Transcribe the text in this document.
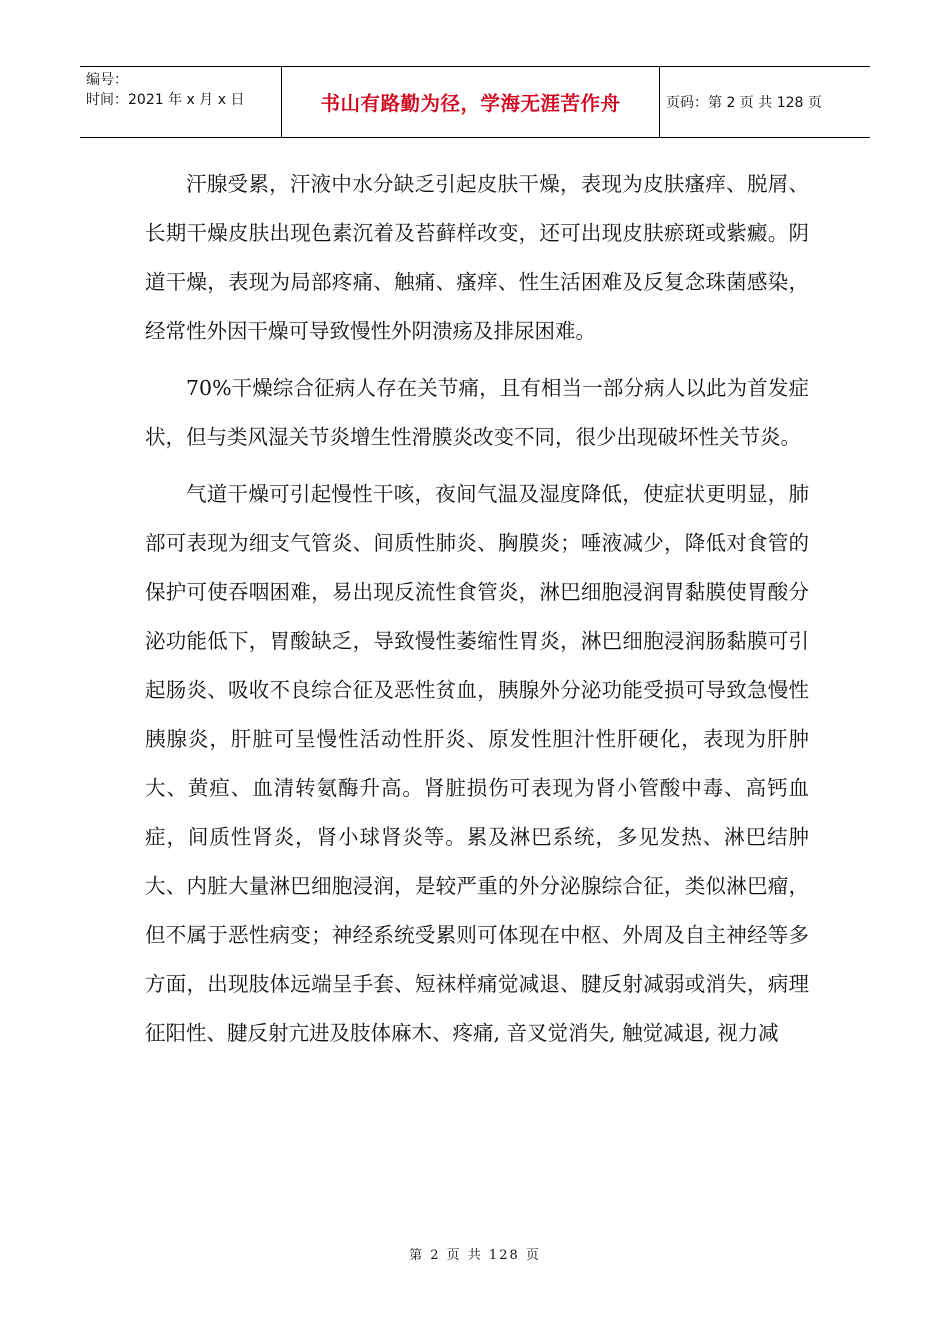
编号：
时间：2021 年 x 月 x 日	书山有路勤为径，学海无涯苦作舟	页码：第 2 页 共 128 页

汗腺受累，汗液中水分缺乏引起皮肤干燥，表现为皮肤瘙痒、脱屑、长期干燥皮肤出现色素沉着及苔藓样改变，还可出现皮肤瘀斑或紫癜。阴道干燥，表现为局部疼痛、触痛、瘙痒、性生活困难及反复念珠菌感染，经常性外因干燥可导致慢性外阴溃疡及排尿困难。

70%干燥综合征病人存在关节痛，且有相当一部分病人以此为首发症状，但与类风湿关节炎增生性滑膜炎改变不同，很少出现破坏性关节炎。

气道干燥可引起慢性干咳，夜间气温及湿度降低，使症状更明显，肺部可表现为细支气管炎、间质性肺炎、胸膜炎；唾液减少，降低对食管的保护可使吞咽困难，易出现反流性食管炎，淋巴细胞浸润胃黏膜使胃酸分泌功能低下，胃酸缺乏，导致慢性萎缩性胃炎，淋巴细胞浸润肠黏膜可引起肠炎、吸收不良综合征及恶性贫血，胰腺外分泌功能受损可导致急慢性胰腺炎，肝脏可呈慢性活动性肝炎、原发性胆汁性肝硬化，表现为肝肿大、黄疸、血清转氨酶升高。肾脏损伤可表现为肾小管酸中毒、高钙血症，间质性肾炎，肾小球肾炎等。累及淋巴系统，多见发热、淋巴结肿大、内脏大量淋巴细胞浸润，是较严重的外分泌腺综合征，类似淋巴瘤，但不属于恶性病变；神经系统受累则可体现在中枢、外周及自主神经等多方面，出现肢体远端呈手套、短袜样痛觉减退、腱反射减弱或消失，病理征阳性、腱反射亢进及肢体麻木、疼痛, 音叉觉消失, 触觉减退, 视力减

第 2 页 共 128 页
